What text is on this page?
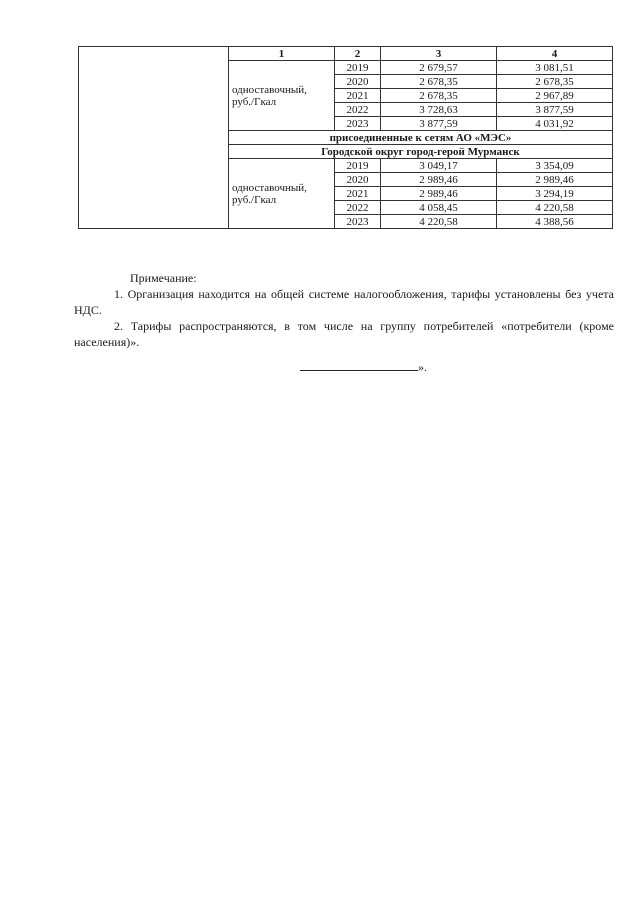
	1	2	3	4
	одноставочный, руб./Гкал	2019	2 679,57	3 081,51
		2020	2 678,35	2 678,35
		2021	2 678,35	2 967,89
		2022	3 728,63	3 877,59
		2023	3 877,59	4 031,92
	присоединенные к сетям АО «МЭС»			
	Городской округ город-герой Мурманск			
	одноставочный, руб./Гкал	2019	3 049,17	3 354,09
		2020	2 989,46	2 989,46
		2021	2 989,46	3 294,19
		2022	4 058,45	4 220,58
		2023	4 220,58	4 388,56

Примечание:

1. Организация находится на общей системе налогообложения, тарифы установлены без учета НДС.

2. Тарифы распространяются, в том числе на группу потребителей «потребители (кроме населения)».

».
